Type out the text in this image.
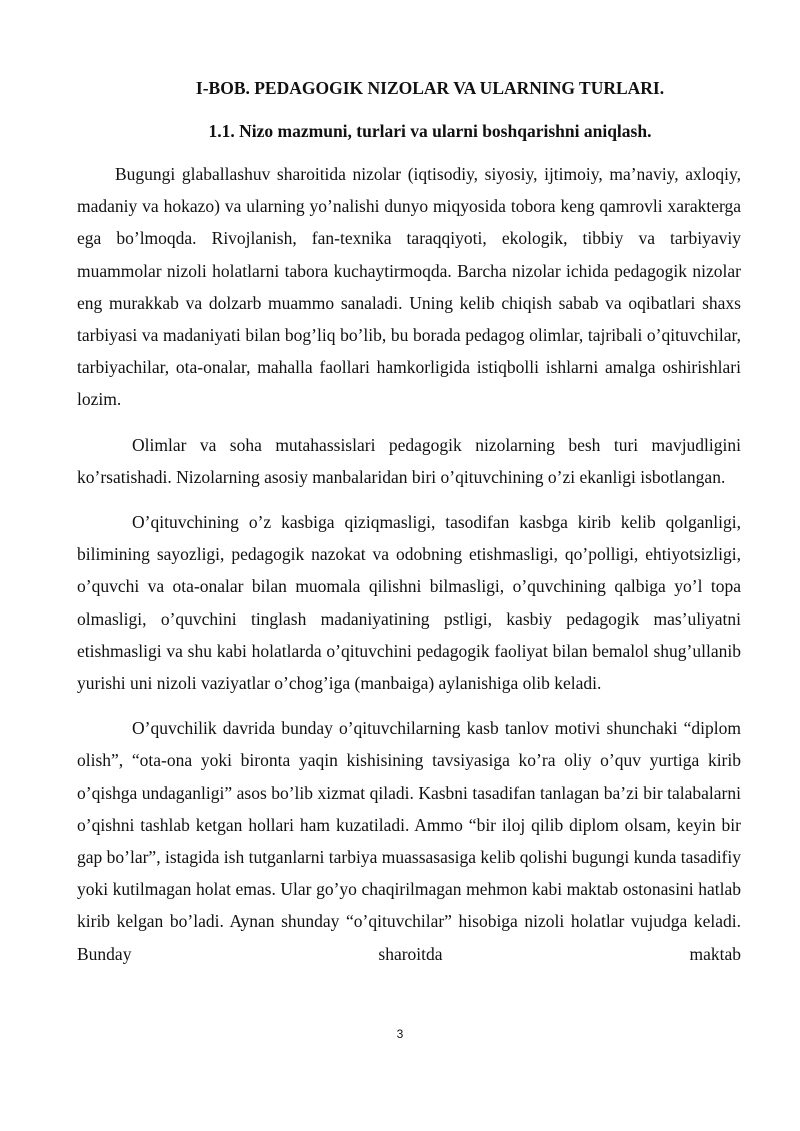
I-BOB. PEDAGOGIK NIZOLAR VA ULARNING TURLARI.
1.1. Nizo mazmuni, turlari va ularni boshqarishni aniqlash.

Bugungi glaballashuv sharoitida nizolar (iqtisodiy, siyosiy, ijtimoiy, ma’naviy, axloqiy, madaniy va hokazo) va ularning yo’nalishi dunyo miqyosida tobora keng qamrovli xarakterga ega bo’lmoqda. Rivojlanish, fan-texnika taraqqiyoti, ekologik, tibbiy va tarbiyaviy muammolar nizoli holatlarni tabora kuchaytirmoqda. Barcha nizolar ichida pedagogik nizolar eng murakkab va dolzarb muammo sanaladi. Uning kelib chiqish sabab va oqibatlari shaxs tarbiyasi va madaniyati bilan bog’liq bo’lib, bu borada pedagog olimlar, tajribali o’qituvchilar, tarbiyachilar, ota-onalar, mahalla faollari hamkorligida istiqbolli ishlarni amalga oshirishlari lozim.

Olimlar va soha mutahassislari pedagogik nizolarning besh turi mavjudligini ko’rsatishadi. Nizolarning asosiy manbalaridan biri o’qituvchining o’zi ekanligi isbotlangan.

O’qituvchining o’z kasbiga qiziqmasligi, tasodifan kasbga kirib kelib qolganligi, bilimining sayozligi, pedagogik nazokat va odobning etishmasligi, qo’polligi, ehtiyotsizligi, o’quvchi va ota-onalar bilan muomala qilishni bilmasligi, o’quvchining qalbiga yo’l topa olmasligi, o’quvchini tinglash madaniyatining pstligi, kasbiy pedagogik mas’uliyatni etishmasligi va shu kabi holatlarda o’qituvchini pedagogik faoliyat bilan bemalol shug’ullanib yurishi uni nizoli vaziyatlar o’chog’iga (manbaiga) aylanishiga olib keladi.

O’quvchilik davrida bunday o’qituvchilarning kasb tanlov motivi shunchaki “diplom olish”, “ota-ona yoki bironta yaqin kishisining tavsiyasiga ko’ra oliy o’quv yurtiga kirib o’qishga undaganligi” asos bo’lib xizmat qiladi. Kasbni tasadifan tanlagan ba’zi bir talabalarni o’qishni tashlab ketgan hollari ham kuzatiladi. Ammo “bir iloj qilib diplom olsam, keyin bir gap bo’lar”, istagida ish tutganlarni tarbiya muassasasiga kelib qolishi bugungi kunda tasadifiy yoki kutilmagan holat emas. Ular go’yo chaqirilmagan mehmon kabi maktab ostonasini hatlab kirib kelgan bo’ladi. Aynan shunday “o’qituvchilar” hisobiga nizoli holatlar vujudga keladi. Bunday sharoitda maktab

3
